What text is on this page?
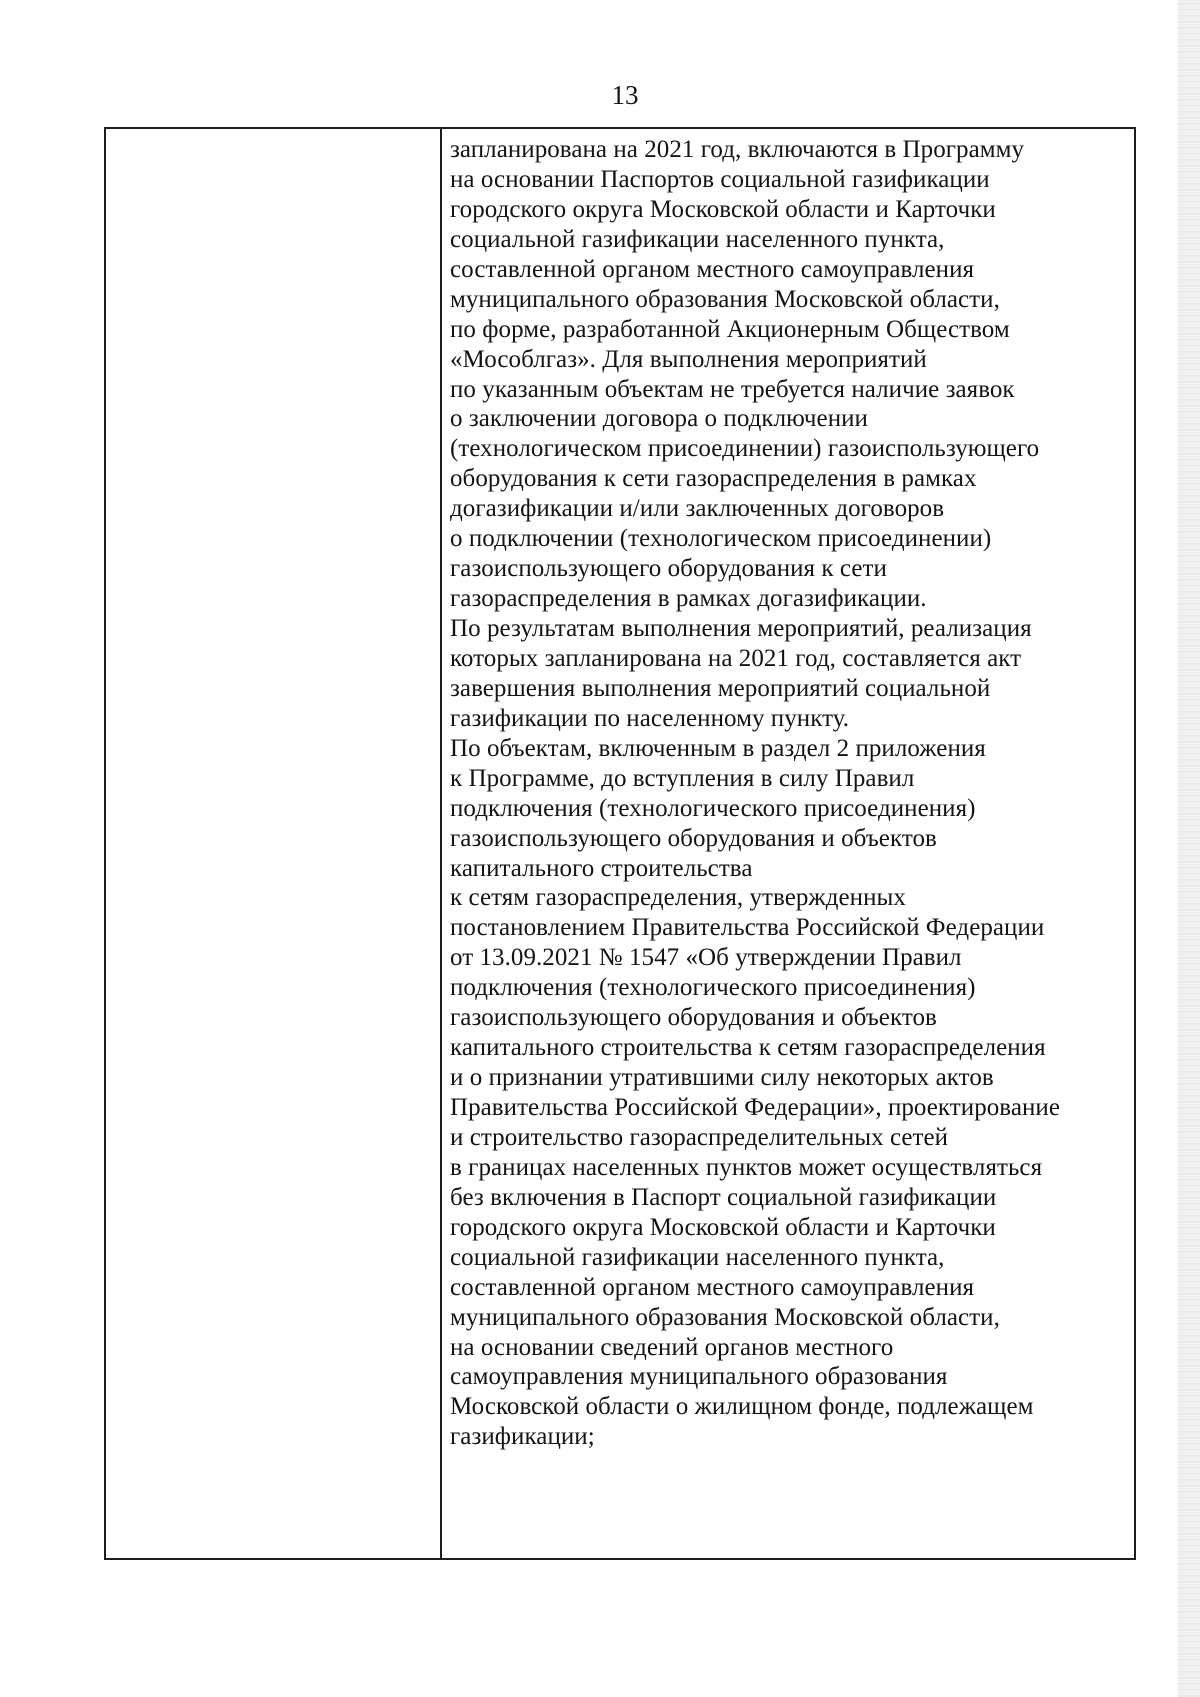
13
запланирована на 2021 год, включаются в Программу
на основании Паспортов социальной газификации
городского округа Московской области и Карточки
социальной газификации населенного пункта,
составленной органом местного самоуправления
муниципального образования Московской области,
по форме, разработанной Акционерным Обществом
«Мособлгаз». Для выполнения мероприятий
по указанным объектам не требуется наличие заявок
о заключении договора о подключении
(технологическом присоединении) газоиспользующего
оборудования к сети газораспределения в рамках
догазификации и/или заключенных договоров
о подключении (технологическом присоединении)
газоиспользующего оборудования к сети
газораспределения в рамках догазификации.
По результатам выполнения мероприятий, реализация
которых запланирована на 2021 год, составляется акт
завершения выполнения мероприятий социальной
газификации по населенному пункту.
По объектам, включенным в раздел 2 приложения
к Программе, до вступления в силу Правил
подключения (технологического присоединения)
газоиспользующего оборудования и объектов
капитального строительства
к сетям газораспределения, утвержденных
постановлением Правительства Российской Федерации
от 13.09.2021 № 1547 «Об утверждении Правил
подключения (технологического присоединения)
газоиспользующего оборудования и объектов
капитального строительства к сетям газораспределения
и о признании утратившими силу некоторых актов
Правительства Российской Федерации», проектирование
и строительство газораспределительных сетей
в границах населенных пунктов может осуществляться
без включения в Паспорт социальной газификации
городского округа Московской области и Карточки
социальной газификации населенного пункта,
составленной органом местного самоуправления
муниципального образования Московской области,
на основании сведений органов местного
самоуправления муниципального образования
Московской области о жилищном фонде, подлежащем
газификации;
